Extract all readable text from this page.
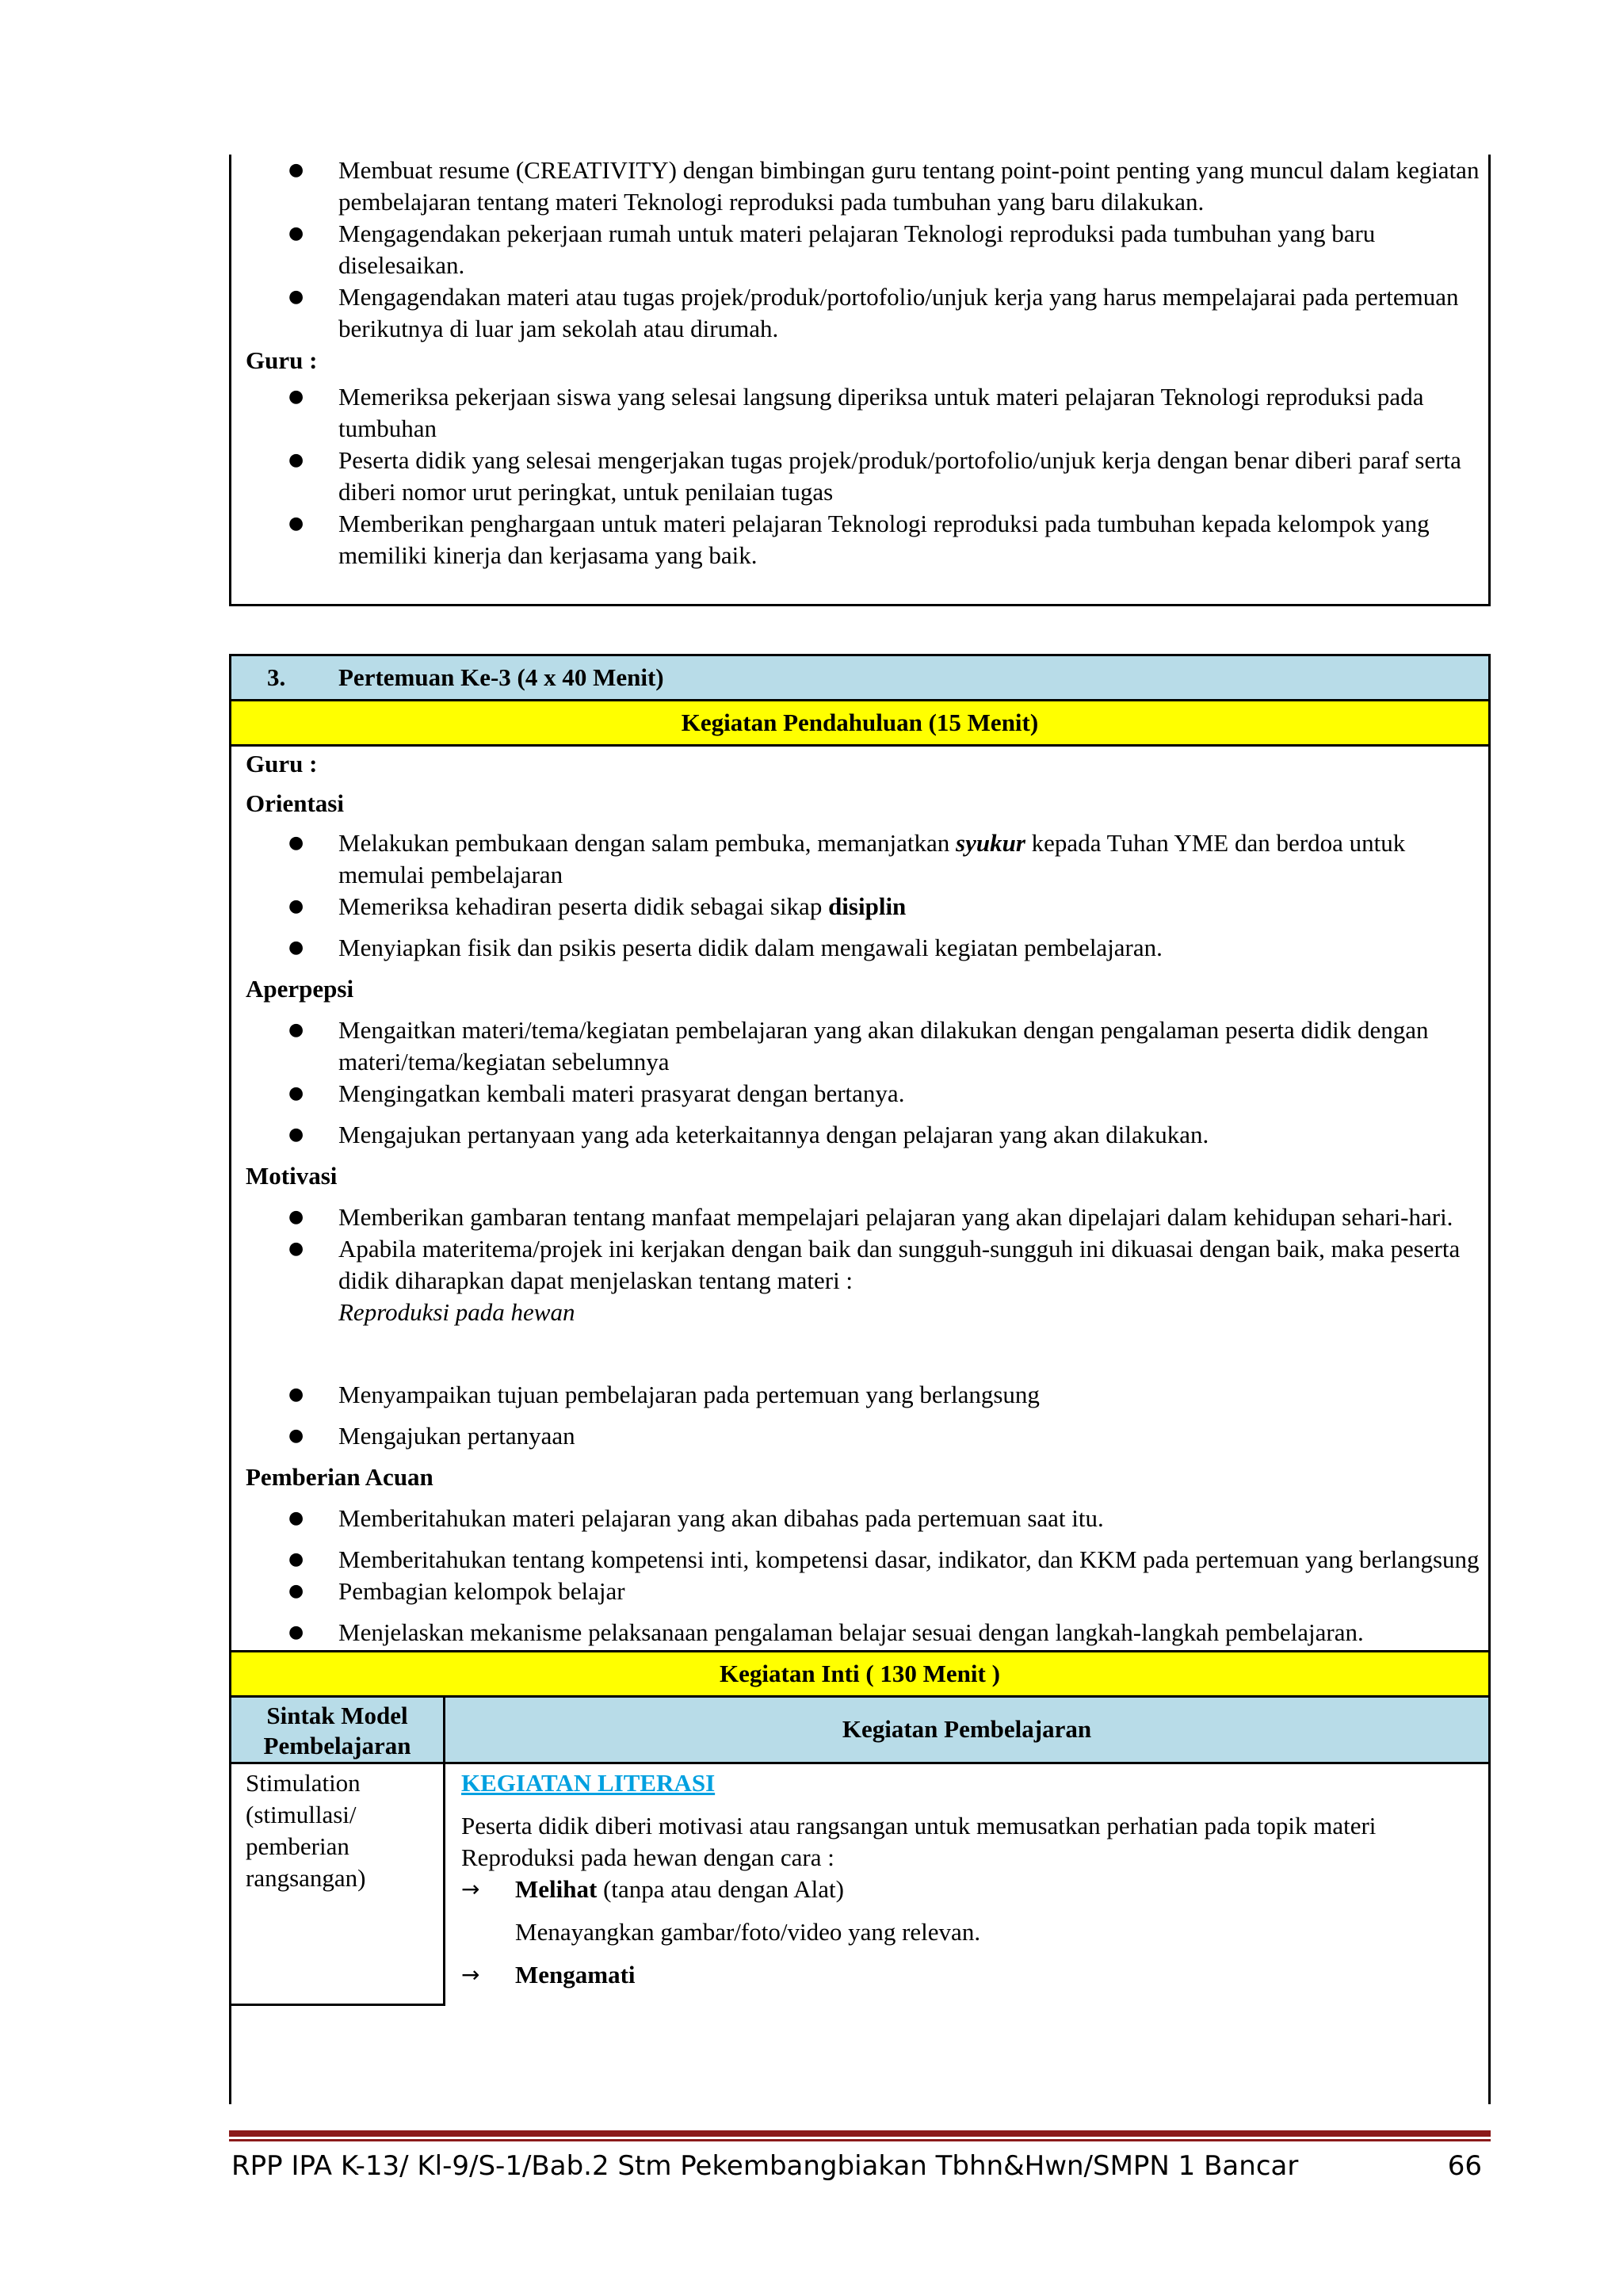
● Membuat resume (CREATIVITY) dengan bimbingan guru tentang point-point penting yang muncul dalam kegiatan pembelajaran tentang materi Teknologi reproduksi pada tumbuhan yang baru dilakukan.
● Mengagendakan pekerjaan rumah untuk materi pelajaran Teknologi reproduksi pada tumbuhan yang baru diselesaikan.
● Mengagendakan materi atau tugas projek/produk/portofolio/unjuk kerja yang harus mempelajarai pada pertemuan berikutnya di luar jam sekolah atau dirumah.
Guru :
● Memeriksa pekerjaan siswa yang selesai langsung diperiksa untuk materi pelajaran Teknologi reproduksi pada tumbuhan
● Peserta didik yang selesai mengerjakan tugas projek/produk/portofolio/unjuk kerja dengan benar diberi paraf serta diberi nomor urut peringkat, untuk penilaian tugas
● Memberikan penghargaan untuk materi pelajaran Teknologi reproduksi pada tumbuhan kepada kelompok yang memiliki kinerja dan kerjasama yang baik.
3. Pertemuan Ke-3 (4 x 40 Menit)
Kegiatan Pendahuluan (15 Menit)
Guru :
Orientasi
● Melakukan pembukaan dengan salam pembuka, memanjatkan syukur kepada Tuhan YME dan berdoa untuk memulai pembelajaran
● Memeriksa kehadiran peserta didik sebagai sikap disiplin
● Menyiapkan fisik dan psikis peserta didik dalam mengawali kegiatan pembelajaran.
Aperpepsi
● Mengaitkan materi/tema/kegiatan pembelajaran yang akan dilakukan dengan pengalaman peserta didik dengan materi/tema/kegiatan sebelumnya
● Mengingatkan kembali materi prasyarat dengan bertanya.
● Mengajukan pertanyaan yang ada keterkaitannya dengan pelajaran yang akan dilakukan.
Motivasi
● Memberikan gambaran tentang manfaat mempelajari pelajaran yang akan dipelajari dalam kehidupan sehari-hari.
● Apabila materitema/projek ini kerjakan dengan baik dan sungguh-sungguh ini dikuasai dengan baik, maka peserta didik diharapkan dapat menjelaskan tentang materi :
Reproduksi pada hewan
● Menyampaikan tujuan pembelajaran pada pertemuan yang berlangsung
● Mengajukan pertanyaan
Pemberian Acuan
● Memberitahukan materi pelajaran yang akan dibahas pada pertemuan saat itu.
● Memberitahukan tentang kompetensi inti, kompetensi dasar, indikator, dan KKM pada pertemuan yang berlangsung
● Pembagian kelompok belajar
● Menjelaskan mekanisme pelaksanaan pengalaman belajar sesuai dengan langkah-langkah pembelajaran.
Kegiatan Inti ( 130 Menit )
Sintak Model Pembelajaran
Kegiatan Pembelajaran
Stimulation (stimullasi/ pemberian rangsangan)
KEGIATAN LITERASI
Peserta didik diberi motivasi atau rangsangan untuk memusatkan perhatian pada topik materi Reproduksi pada hewan dengan cara :
→ Melihat (tanpa atau dengan Alat)
Menayangkan gambar/foto/video yang relevan.
→ Mengamati
RPP IPA K-13/ Kl-9/S-1/Bab.2 Stm Pekembangbiakan Tbhn&Hwn/SMPN 1 Bancar	66
